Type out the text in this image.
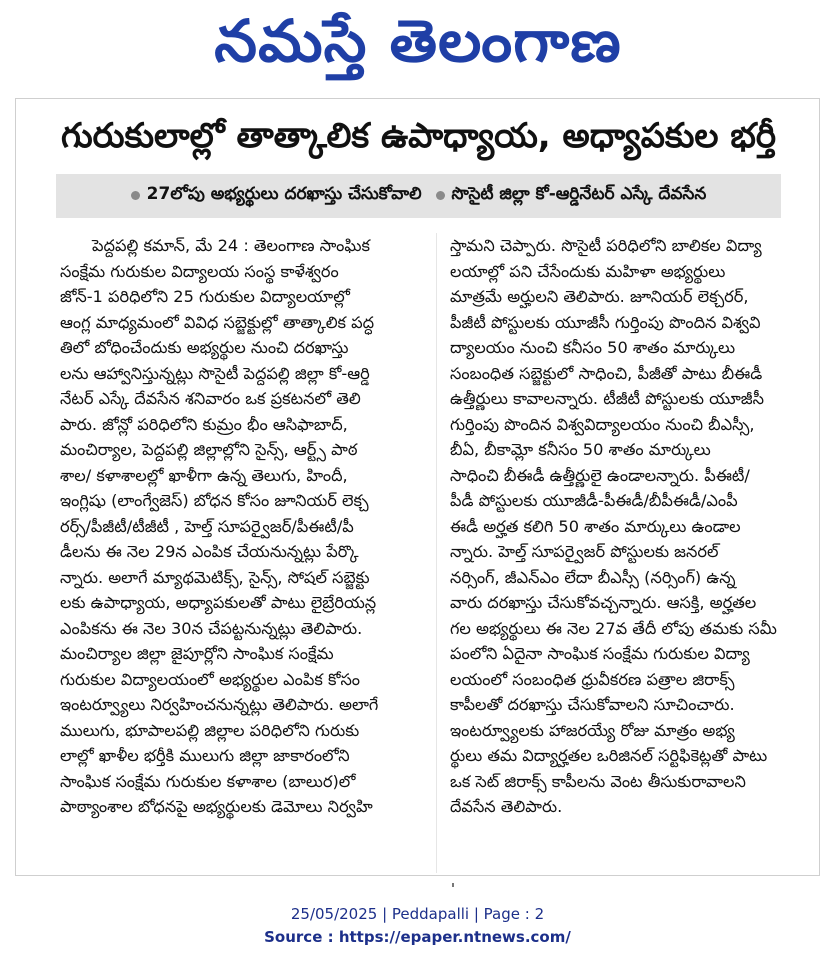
నమస్తే తెలంగాణ
గురుకులాల్లో తాత్కాలిక ఉపాధ్యాయ, అధ్యాపకుల భర్తీ
27లోపు అభ్యర్థులు దరఖాస్తు చేసుకోవాలి సొసైటీ జిల్లా కో-ఆర్డినేటర్ ఎస్కే దేవసేన
పెద్దపల్లి కమాన్, మే 24 : తెలంగాణ సాంఘిక
సంక్షేమ గురుకుల విద్యాలయ సంస్థ కాళేశ్వరం
జోన్-1 పరిధిలోని 25 గురుకుల విద్యాలయాల్లో
ఆంగ్ల మాధ్యమంలో వివిధ సబ్జెక్టుల్లో తాత్కాలిక పద్ధ
తిలో బోధించేందుకు అభ్యర్థుల నుంచి దరఖాస్తు
లను ఆహ్వానిస్తున్నట్లు సొసైటీ పెద్దపల్లి జిల్లా కో-ఆర్డి
నేటర్ ఎస్కే దేవసేన శనివారం ఒక ప్రకటనలో తెలి
పారు. జోన్లో పరిధిలోని కుమ్రం భీం ఆసిఫాబాద్,
మంచిర్యాల, పెద్దపల్లి జిల్లాల్లోని సైన్స్, ఆర్ట్స్ పాఠ
శాల/ కళాశాలల్లో ఖాళీగా ఉన్న తెలుగు, హిందీ,
ఇంగ్లిషు (లాంగ్వేజెస్) బోధన కోసం జూనియర్ లెక్చ
రర్స్/పీజీటీ/టీజీటీ , హెల్త్ సూపర్వైజర్/పీఈటీ/పీ
డీలను ఈ నెల 29న ఎంపిక చేయనున్నట్లు పేర్కొ
న్నారు. అలాగే మ్యాథమెటిక్స్, సైన్స్, సోషల్ సబ్జెక్టు
లకు ఉపాధ్యాయ, అధ్యాపకులతో పాటు లైబ్రేరియన్ల
ఎంపికను ఈ నెల 30న చేపట్టనున్నట్లు తెలిపారు.
మంచిర్యాల జిల్లా జైపూర్లోని సాంఘిక సంక్షేమ
గురుకుల విద్యాలయంలో అభ్యర్థుల ఎంపిక కోసం
ఇంటర్వ్యూలు నిర్వహించనున్నట్లు తెలిపారు. అలాగే
ములుగు, భూపాలపల్లి జిల్లాల పరిధిలోని గురుకు
లాల్లో ఖాళీల భర్తీకి ములుగు జిల్లా జాకారంలోని
సాంఘిక సంక్షేమ గురుకుల కళాశాల (బాలుర)లో
పాఠ్యాంశాల బోధనపై అభ్యర్థులకు డెమోలు నిర్వహి
స్తామని చెప్పారు. సొసైటీ పరిధిలోని బాలికల విద్యా
లయాల్లో పని చేసేందుకు మహిళా అభ్యర్థులు
మాత్రమే అర్హులని తెలిపారు. జూనియర్ లెక్చరర్,
పీజీటీ పోస్టులకు యూజీసీ గుర్తింపు పొందిన విశ్వవి
ద్యాలయం నుంచి కనీసం 50 శాతం మార్కులు
సంబంధిత సబ్జెక్టులో సాధించి, పీజీతో పాటు బీఈడీ
ఉత్తీర్ణులు కావాలన్నారు. టీజీటీ పోస్టులకు యూజీసీ
గుర్తింపు పొందిన విశ్వవిద్యాలయం నుంచి బీఎస్సీ,
బీఏ, బీకామ్లో కనీసం 50 శాతం మార్కులు
సాధించి బీఈడీ ఉత్తీర్ణులై ఉండాలన్నారు. పీఈటీ/
పీడీ పోస్టులకు యూజీడీ-పీఈడీ/బీపీఈడీ/ఎంపీ
ఈడీ అర్హత కలిగి 50 శాతం మార్కులు ఉండాల
న్నారు. హెల్త్ సూపర్వైజర్ పోస్టులకు జనరల్
నర్సింగ్, జీఎన్ఎం లేదా బీఎస్సీ (నర్సింగ్) ఉన్న
వారు దరఖాస్తు చేసుకోవచ్చన్నారు. ఆసక్తి, అర్హతల
గల అభ్యర్థులు ఈ నెల 27వ తేదీ లోపు తమకు సమీ
పంలోని ఏదైనా సాంఘిక సంక్షేమ గురుకుల విద్యా
లయంలో సంబంధిత ధ్రువీకరణ పత్రాల జిరాక్స్
కాపీలతో దరఖాస్తు చేసుకోవాలని సూచించారు.
ఇంటర్వ్యూలకు హాజరయ్యే రోజు మాత్రం అభ్య
ర్థులు తమ విద్యార్హతల ఒరిజినల్ సర్టిఫికెట్లతో పాటు
ఒక సెట్ జిరాక్స్ కాపీలను వెంట తీసుకురావాలని
దేవసేన తెలిపారు.
25/05/2025 | Peddapalli | Page : 2
Source : https://epaper.ntnews.com/
